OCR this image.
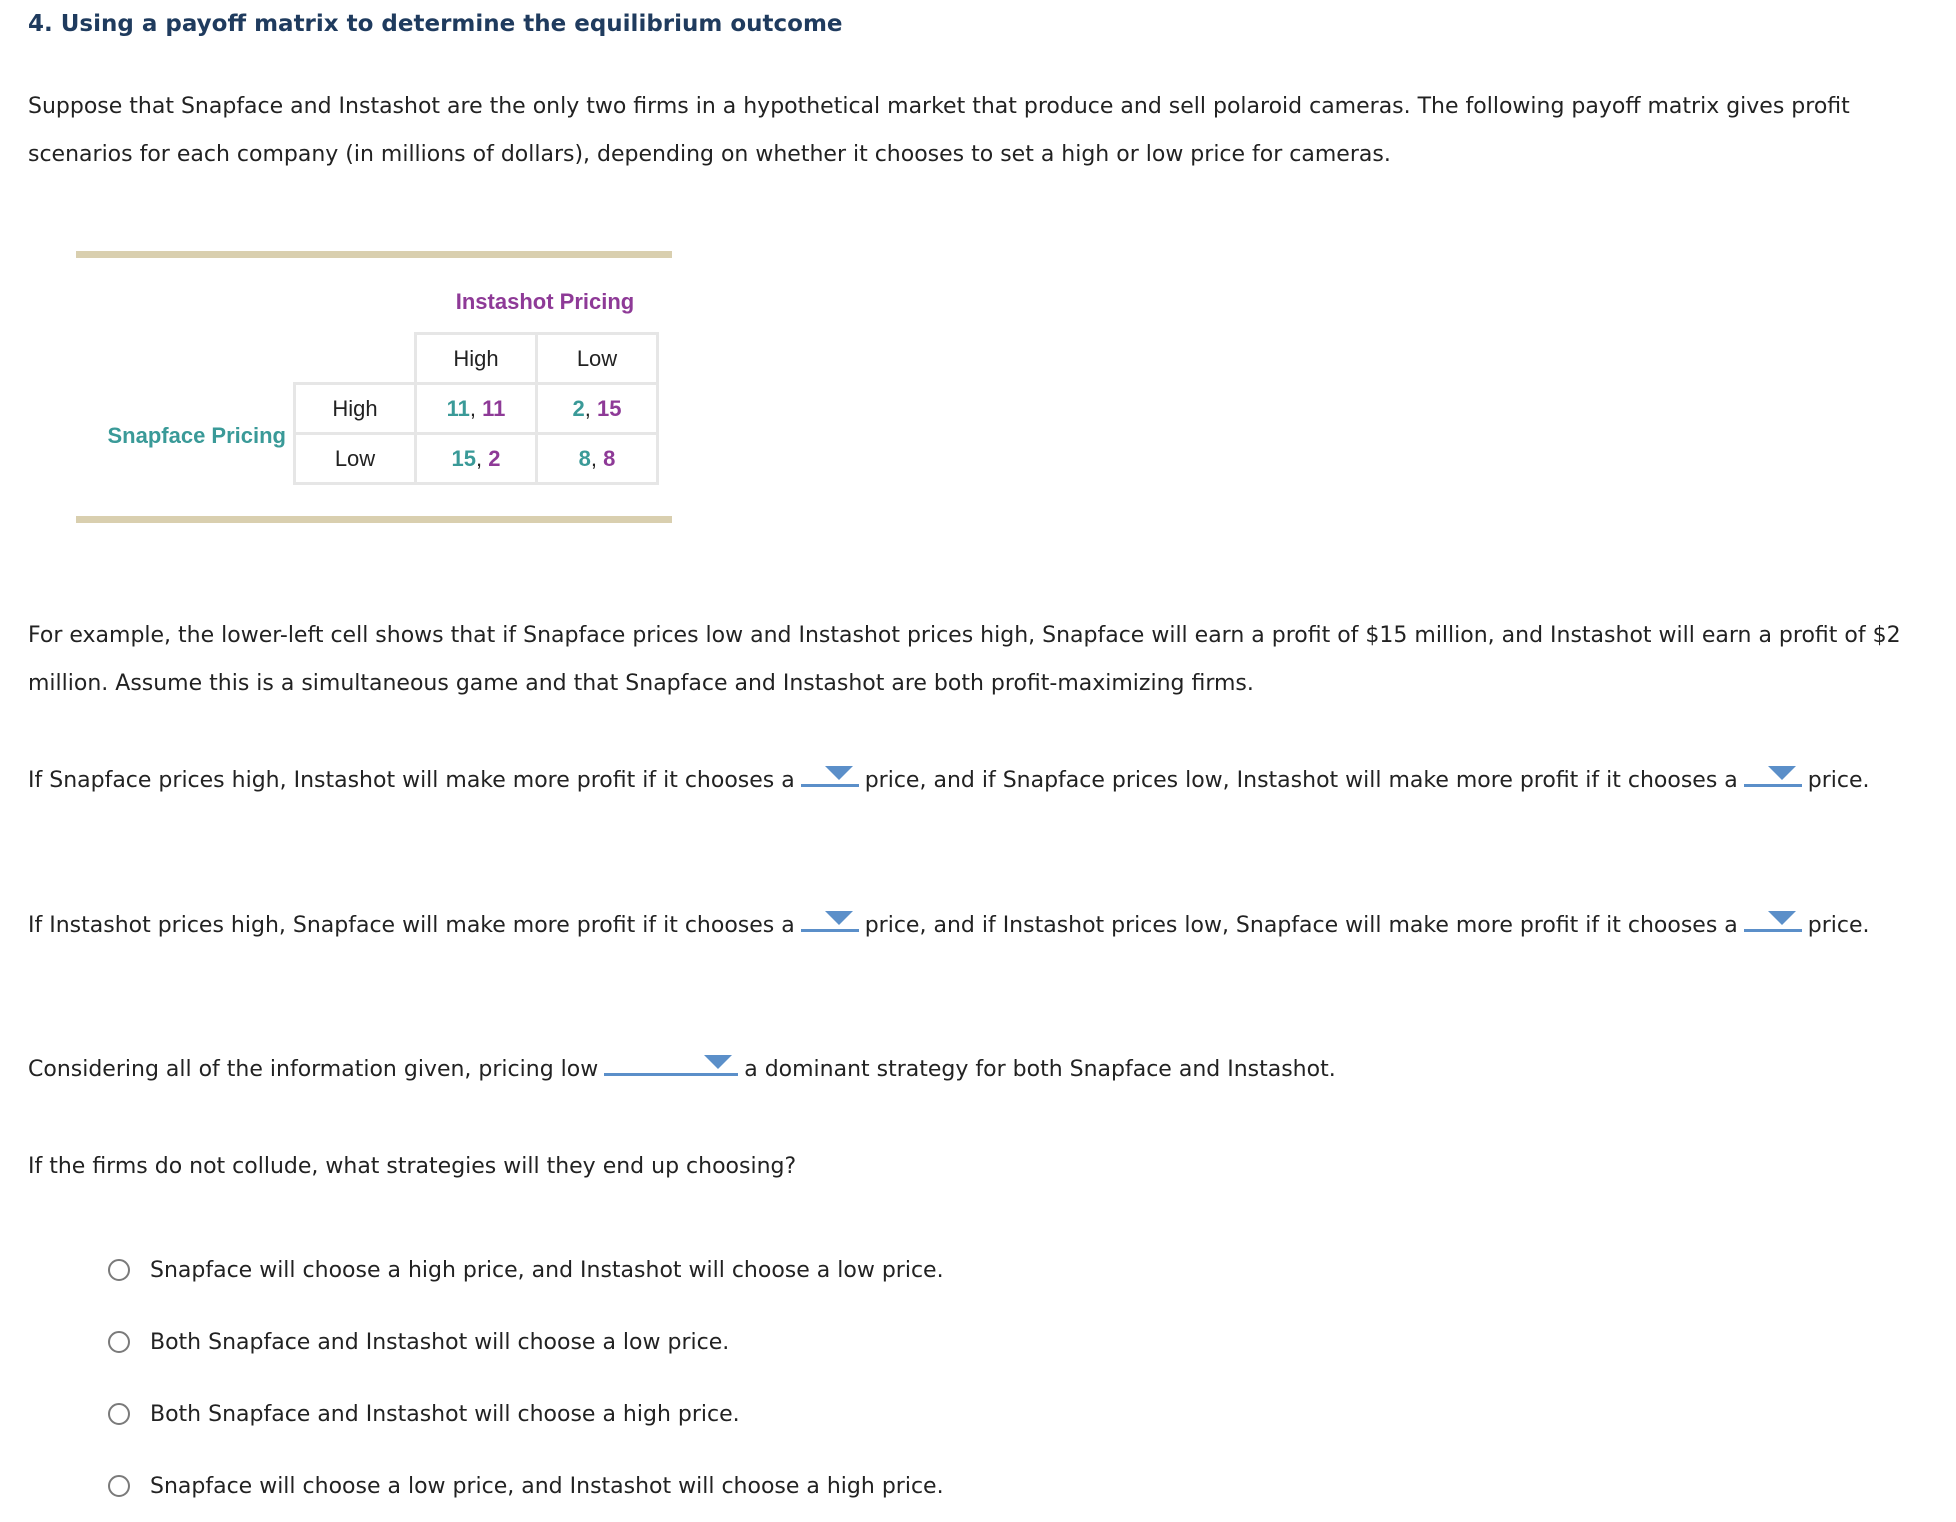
4. Using a payoff matrix to determine the equilibrium outcome

Suppose that Snapface and Instashot are the only two firms in a hypothetical market that produce and sell polaroid cameras. The following payoff matrix gives profit scenarios for each company (in millions of dollars), depending on whether it chooses to set a high or low price for cameras.

Instashot Pricing
Snapface Pricing
	High	Low
High	11, 11	2, 15
Low	15, 2	8, 8

For example, the lower-left cell shows that if Snapface prices low and Instashot prices high, Snapface will earn a profit of $15 million, and Instashot will earn a profit of $2 million. Assume this is a simultaneous game and that Snapface and Instashot are both profit-maximizing firms.

If Snapface prices high, Instashot will make more profit if it chooses a	price, and if Snapface prices low, Instashot will make more profit if it chooses a	price.

If Instashot prices high, Snapface will make more profit if it chooses a	price, and if Instashot prices low, Snapface will make more profit if it chooses a	price.

Considering all of the information given, pricing low	a dominant strategy for both Snapface and Instashot.

If the firms do not collude, what strategies will they end up choosing?

Snapface will choose a high price, and Instashot will choose a low price.
Both Snapface and Instashot will choose a low price.
Both Snapface and Instashot will choose a high price.
Snapface will choose a low price, and Instashot will choose a high price.
